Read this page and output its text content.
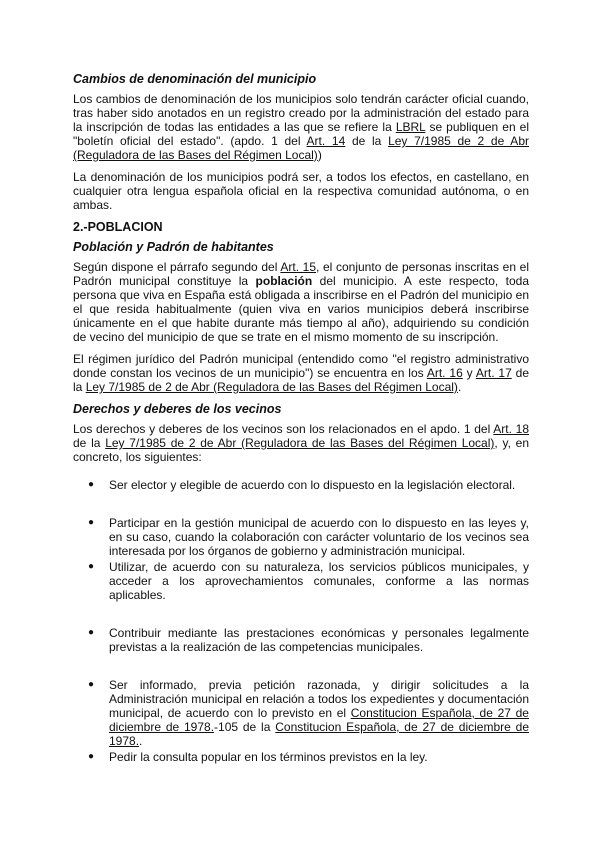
Cambios de denominación del municipio

Los cambios de denominación de los municipios solo tendrán carácter oficial cuando, tras haber sido anotados en un registro creado por la administración del estado para la inscripción de todas las entidades a las que se refiere la LBRL se publiquen en el "boletín oficial del estado". (apdo. 1 del Art. 14 de la Ley 7/1985 de 2 de Abr (Reguladora de las Bases del Régimen Local))

La denominación de los municipios podrá ser, a todos los efectos, en castellano, en cualquier otra lengua española oficial en la respectiva comunidad autónoma, o en ambas.

2.-POBLACION
Población y Padrón de habitantes

Según dispone el párrafo segundo del Art. 15, el conjunto de personas inscritas en el Padrón municipal constituye la población del municipio. A este respecto, toda persona que viva en España está obligada a inscribirse en el Padrón del municipio en el que resida habitualmente (quien viva en varios municipios deberá inscribirse únicamente en el que habite durante más tiempo al año), adquiriendo su condición de vecino del municipio de que se trate en el mismo momento de su inscripción.

El régimen jurídico del Padrón municipal (entendido como "el registro administrativo donde constan los vecinos de un municipio") se encuentra en los Art. 16 y Art. 17 de la Ley 7/1985 de 2 de Abr (Reguladora de las Bases del Régimen Local).

Derechos y deberes de los vecinos

Los derechos y deberes de los vecinos son los relacionados en el apdo. 1 del Art. 18 de la Ley 7/1985 de 2 de Abr (Reguladora de las Bases del Régimen Local), y, en concreto, los siguientes:

● Ser elector y elegible de acuerdo con lo dispuesto en la legislación electoral.
● Participar en la gestión municipal de acuerdo con lo dispuesto en las leyes y, en su caso, cuando la colaboración con carácter voluntario de los vecinos sea interesada por los órganos de gobierno y administración municipal.
● Utilizar, de acuerdo con su naturaleza, los servicios públicos municipales, y acceder a los aprovechamientos comunales, conforme a las normas aplicables.
● Contribuir mediante las prestaciones económicas y personales legalmente previstas a la realización de las competencias municipales.
● Ser informado, previa petición razonada, y dirigir solicitudes a la Administración municipal en relación a todos los expedientes y documentación municipal, de acuerdo con lo previsto en el Constitucion Española, de 27 de diciembre de 1978.-105 de la Constitucion Española, de 27 de diciembre de 1978..
● Pedir la consulta popular en los términos previstos en la ley.
